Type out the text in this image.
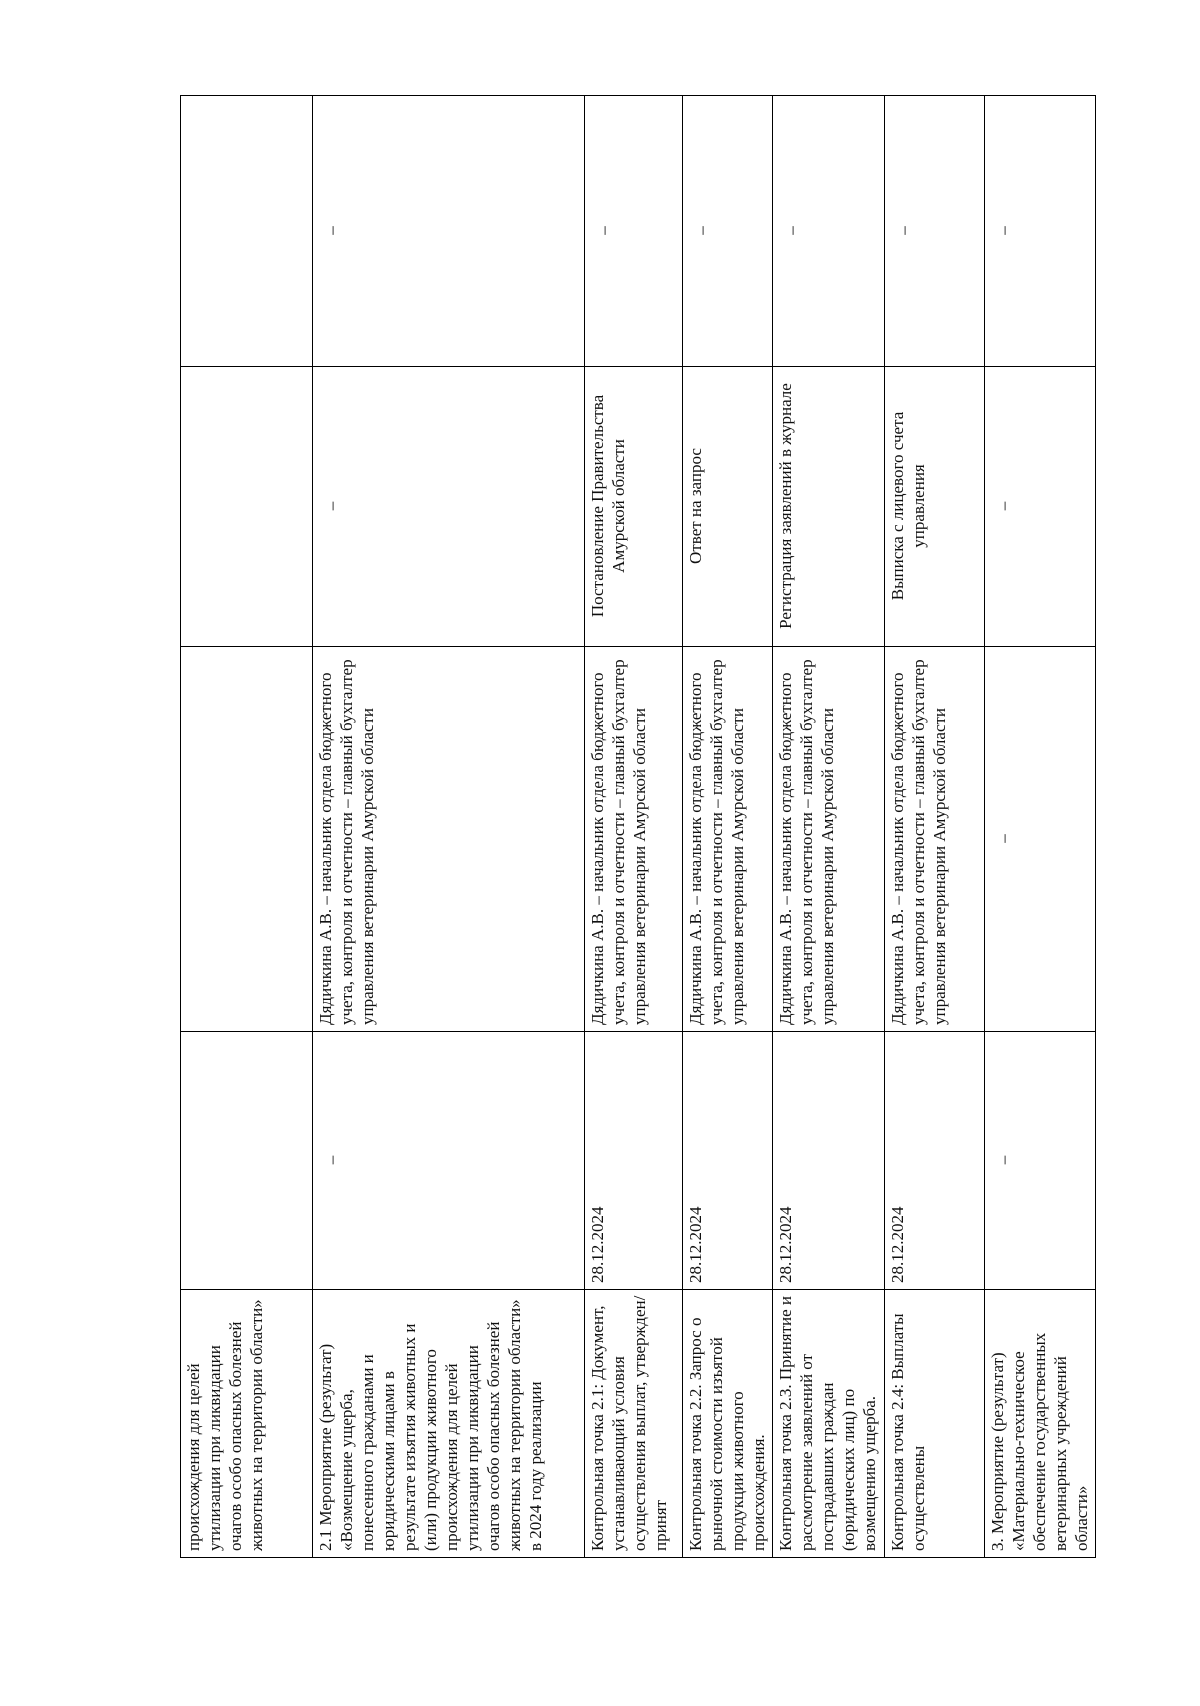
происхождения для целей утилизации при ликвидации очагов особо опасных болезней животных на территории области»				
2.1 Мероприятие (результат) «Возмещение ущерба, понесенного гражданами и юридическими лицами в результате изъятия животных и (или) продукции животного происхождения для целей утилизации при ликвидации очагов особо опасных болезней животных на территории области» в 2024 году реализации	–	Дядичкина А.В. – начальник отдела бюджетного учета, контроля и отчетности – главный бухгалтер управления ветеринарии Амурской области	–	–

Контрольная точка 2.1: Документ, устанавливающий условия осуществления выплат, утвержден/принят	28.12.2024	Дядичкина А.В. – начальник отдела бюджетного учета, контроля и отчетности – главный бухгалтер управления ветеринарии Амурской области	Постановление Правительства Амурской области	–

Контрольная точка 2.2. Запрос о рыночной стоимости изъятой продукции животного происхождения.	28.12.2024	Дядичкина А.В. – начальник отдела бюджетного учета, контроля и отчетности – главный бухгалтер управления ветеринарии Амурской области	Ответ на запрос	–

Контрольная точка 2.3. Принятие и рассмотрение заявлений от пострадавших граждан (юридических лиц) по возмещению ущерба.	28.12.2024	Дядичкина А.В. – начальник отдела бюджетного учета, контроля и отчетности – главный бухгалтер управления ветеринарии Амурской области	Регистрация заявлений в журнале	–

Контрольная точка 2.4: Выплаты осуществлены	28.12.2024	Дядичкина А.В. – начальник отдела бюджетного учета, контроля и отчетности – главный бухгалтер управления ветеринарии Амурской области	Выписка с лицевого счета управления	–

3. Мероприятие (результат) «Материально-техническое обеспечение государственных ветеринарных учреждений области»	–	–	–	–
